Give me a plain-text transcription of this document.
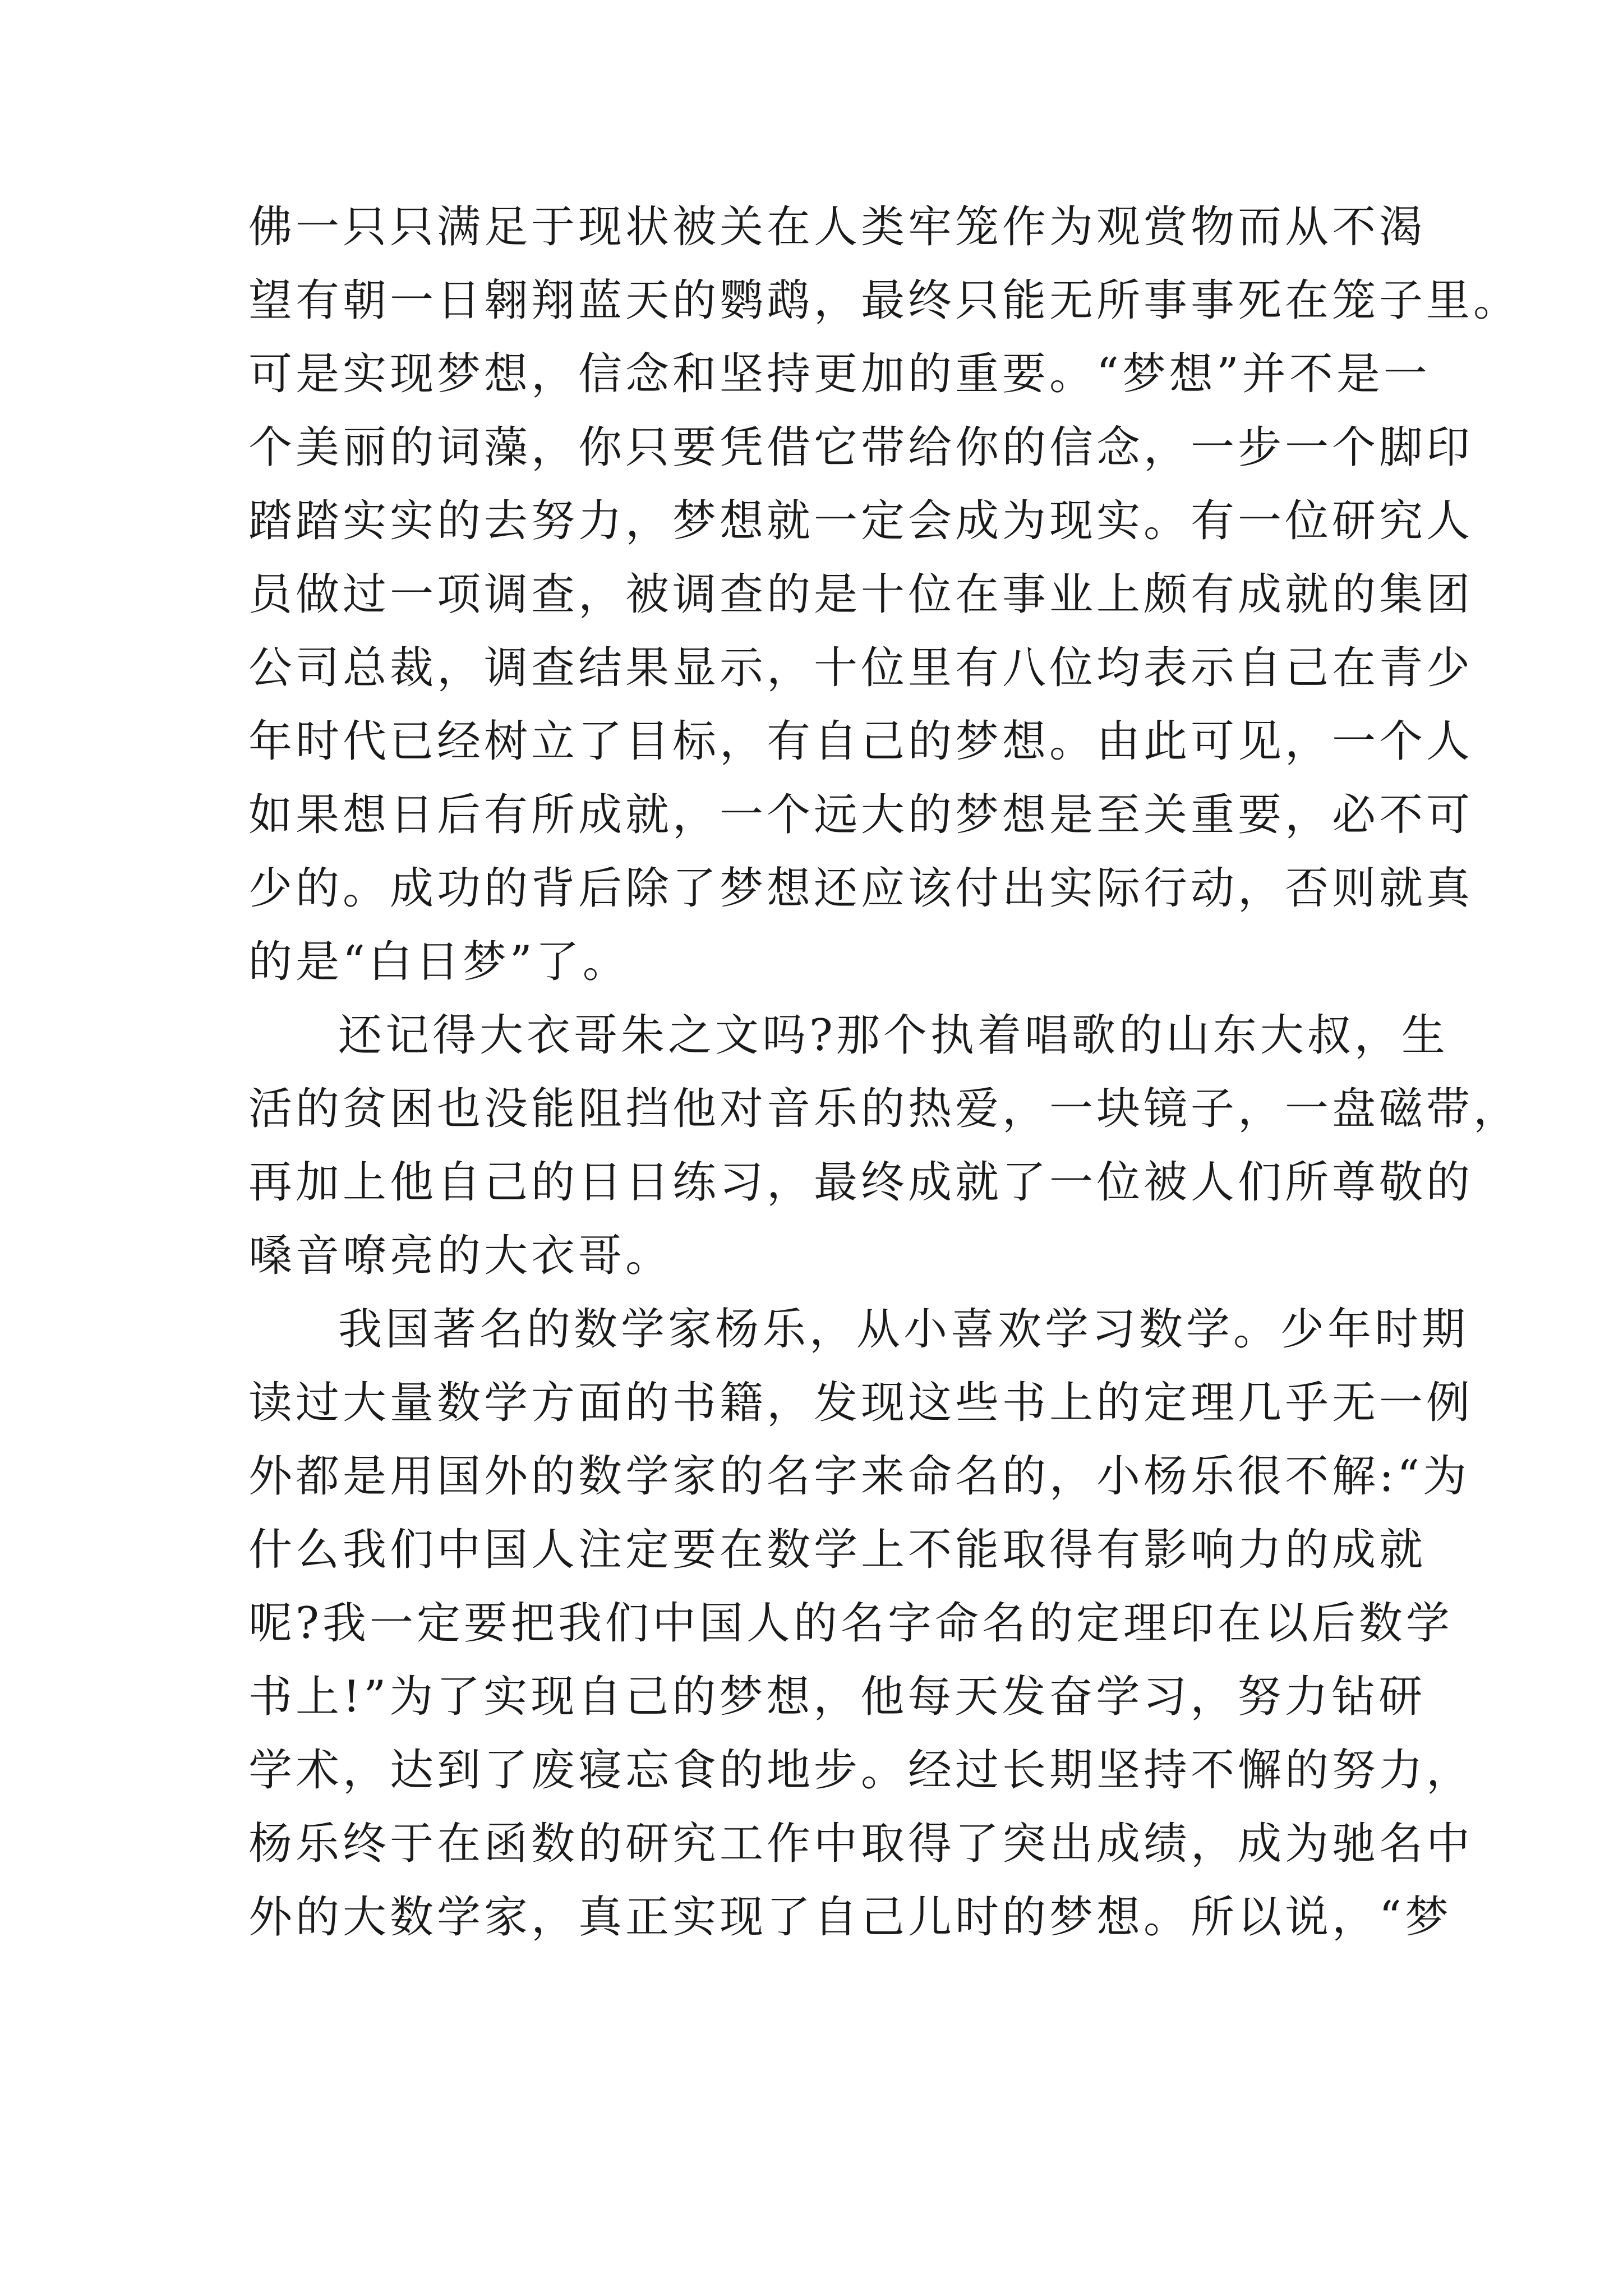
佛一只只满足于现状被关在人类牢笼作为观赏物而从不渴
望有朝一日翱翔蓝天的鹦鹉，最终只能无所事事死在笼子里。
可是实现梦想，信念和坚持更加的重要。“梦想”并不是一
个美丽的词藻，你只要凭借它带给你的信念，一步一个脚印
踏踏实实的去努力，梦想就一定会成为现实。有一位研究人
员做过一项调查，被调查的是十位在事业上颇有成就的集团
公司总裁，调查结果显示，十位里有八位均表示自己在青少
年时代已经树立了目标，有自己的梦想。由此可见，一个人
如果想日后有所成就，一个远大的梦想是至关重要，必不可
少的。成功的背后除了梦想还应该付出实际行动，否则就真
的是“白日梦”了。
还记得大衣哥朱之文吗?那个执着唱歌的山东大叔，生
活的贫困也没能阻挡他对音乐的热爱，一块镜子，一盘磁带，
再加上他自己的日日练习，最终成就了一位被人们所尊敬的
嗓音嘹亮的大衣哥。
我国著名的数学家杨乐，从小喜欢学习数学。少年时期
读过大量数学方面的书籍，发现这些书上的定理几乎无一例
外都是用国外的数学家的名字来命名的，小杨乐很不解:“为
什么我们中国人注定要在数学上不能取得有影响力的成就
呢?我一定要把我们中国人的名字命名的定理印在以后数学
书上!”为了实现自己的梦想，他每天发奋学习，努力钻研
学术，达到了废寝忘食的地步。经过长期坚持不懈的努力，
杨乐终于在函数的研究工作中取得了突出成绩，成为驰名中
外的大数学家，真正实现了自己儿时的梦想。所以说，“梦
